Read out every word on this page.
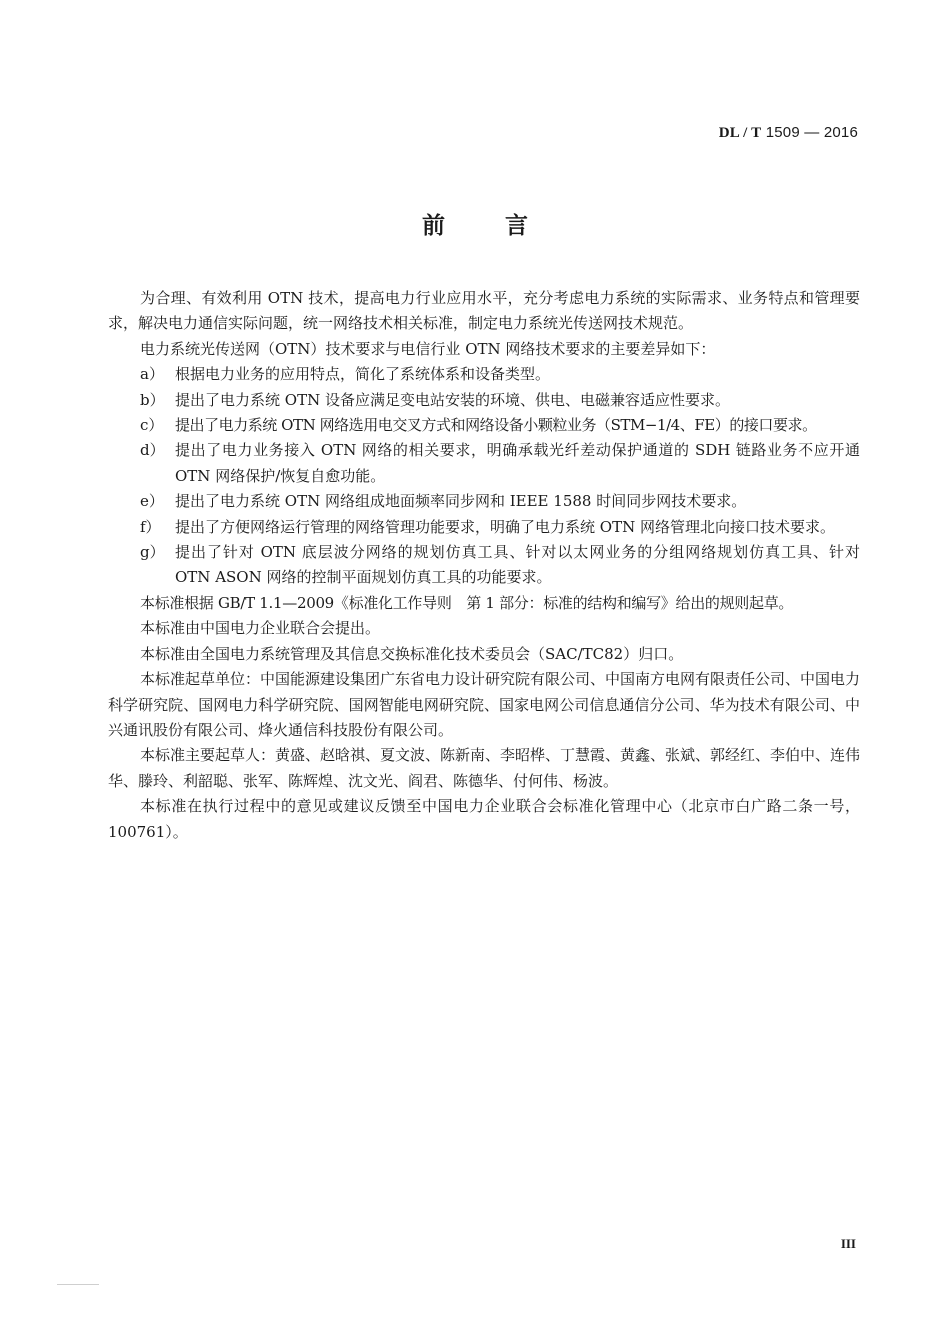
DL / T 1509 — 2016
前	言

为合理、有效利用 OTN 技术，提高电力行业应用水平，充分考虑电力系统的实际需求、业务特点和管理要求，解决电力通信实际问题，统一网络技术相关标准，制定电力系统光传送网技术规范。

电力系统光传送网（OTN）技术要求与电信行业 OTN 网络技术要求的主要差异如下：

a） 根据电力业务的应用特点，简化了系统体系和设备类型。
b） 提出了电力系统 OTN 设备应满足变电站安装的环境、供电、电磁兼容适应性要求。
c） 提出了电力系统 OTN 网络选用电交叉方式和网络设备小颗粒业务（STM−1/4、FE）的接口要求。
d） 提出了电力业务接入 OTN 网络的相关要求，明确承载光纤差动保护通道的 SDH 链路业务不应开通 OTN 网络保护/恢复自愈功能。
e） 提出了电力系统 OTN 网络组成地面频率同步网和 IEEE 1588 时间同步网技术要求。
f） 提出了方便网络运行管理的网络管理功能要求，明确了电力系统 OTN 网络管理北向接口技术要求。
g） 提出了针对 OTN 底层波分网络的规划仿真工具、针对以太网业务的分组网络规划仿真工具、针对 OTN ASON 网络的控制平面规划仿真工具的功能要求。

本标准根据 GB/T 1.1—2009《标准化工作导则　第 1 部分：标准的结构和编写》给出的规则起草。

本标准由中国电力企业联合会提出。

本标准由全国电力系统管理及其信息交换标准化技术委员会（SAC/TC82）归口。

本标准起草单位：中国能源建设集团广东省电力设计研究院有限公司、中国南方电网有限责任公司、中国电力科学研究院、国网电力科学研究院、国网智能电网研究院、国家电网公司信息通信分公司、华为技术有限公司、中兴通讯股份有限公司、烽火通信科技股份有限公司。

本标准主要起草人：黄盛、赵晗祺、夏文波、陈新南、李昭桦、丁慧霞、黄鑫、张斌、郭经红、李伯中、连伟华、滕玲、利韶聪、张军、陈辉煌、沈文光、阎君、陈德华、付何伟、杨波。

本标准在执行过程中的意见或建议反馈至中国电力企业联合会标准化管理中心（北京市白广路二条一号，100761）。

III
